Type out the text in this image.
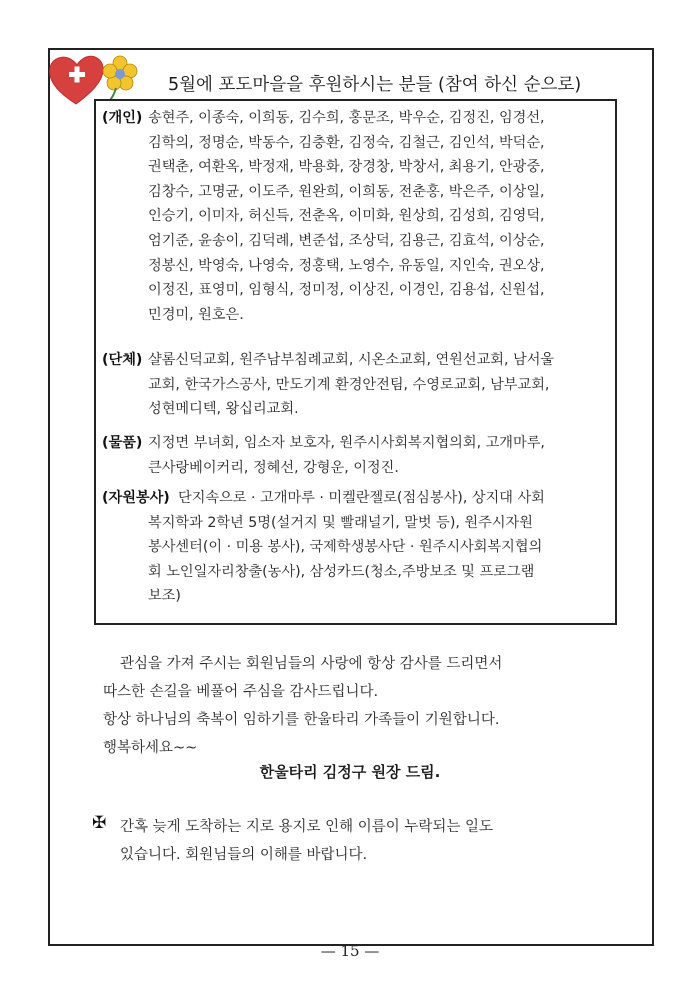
5월에 포도마을을 후원하시는 분들 (참여 하신 순으로)
(개인) 송현주, 이종숙, 이희동, 김수희, 홍문조, 박우순, 김정진, 임경선,
김학의, 정명순, 박동수, 김충환, 김정숙, 김철근, 김인석, 박덕순,
권택춘, 여환옥, 박정재, 박용화, 장경창, 박창서, 최용기, 안광중,
김창수, 고명균, 이도주, 원완희, 이희동, 전춘홍, 박은주, 이상일,
인승기, 이미자, 허신득, 전춘옥, 이미화, 원상희, 김성희, 김영덕,
엄기준, 윤송이, 김덕례, 변준섭, 조상덕, 김용근, 김효석, 이상순,
정봉신, 박영숙, 나영숙, 정홍택, 노영수, 유동일, 지인숙, 권오상,
이정진, 표영미, 임형식, 정미정, 이상진, 이경인, 김용섭, 신원섭,
민경미, 원호은.
(단체) 샬롬신덕교회, 원주남부침례교회, 시온소교회, 연원선교회, 남서울
교회, 한국가스공사, 만도기계 환경안전팀, 수영로교회, 남부교회,
성현메디텍, 왕십리교회.
(물품) 지정면 부녀회, 임소자 보호자, 원주시사회복지협의회, 고개마루,
큰사랑베이커리, 정혜선, 강형운, 이정진.
(자원봉사) 단지속으로 · 고개마루 · 미켈란젤로(점심봉사), 상지대 사회
복지학과 2학년 5명(설거지 및 빨래널기, 말벗 등), 원주시자원
봉사센터(이 · 미용 봉사), 국제학생봉사단 · 원주시사회복지협의
회 노인일자리창출(농사), 삼성카드(청소,주방보조 및 프로그램
보조)
관심을 가져 주시는 회원님들의 사랑에 항상 감사를 드리면서
따스한 손길을 베풀어 주심을 감사드립니다.
항상 하나님의 축복이 임하기를 한울타리 가족들이 기원합니다.
행복하세요~~
한울타리 김정구 원장 드림.
✠ 간혹 늦게 도착하는 지로 용지로 인해 이름이 누락되는 일도
있습니다. 회원님들의 이해를 바랍니다.
— 15 —
